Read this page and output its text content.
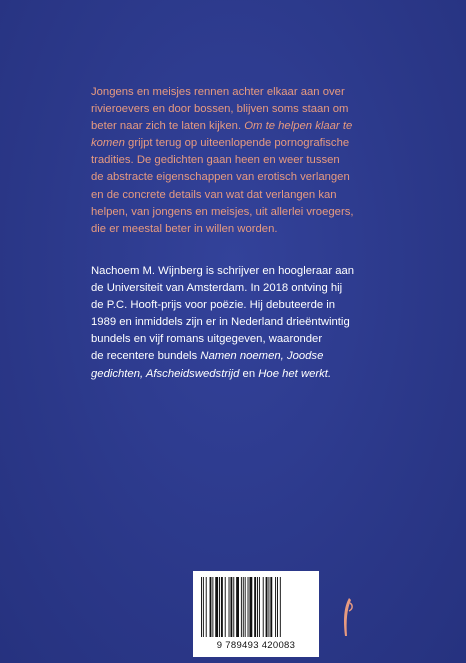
Jongens en meisjes rennen achter elkaar aan over
rivieroevers en door bossen, blijven soms staan om
beter naar zich te laten kijken. Om te helpen klaar te
komen grijpt terug op uiteenlopende pornografische
tradities. De gedichten gaan heen en weer tussen
de abstracte eigenschappen van erotisch verlangen
en de concrete details van wat dat verlangen kan
helpen, van jongens en meisjes, uit allerlei vroegers,
die er meestal beter in willen worden.

Nachoem M. Wijnberg is schrijver en hoogleraar aan
de Universiteit van Amsterdam. In 2018 ontving hij
de P.C. Hooft-prijs voor poëzie. Hij debuteerde in
1989 en inmiddels zijn er in Nederland drieëntwintig
bundels en vijf romans uitgegeven, waaronder
de recentere bundels Namen noemen, Joodse
gedichten, Afscheidswedstrijd en Hoe het werkt.

9 789493 420083
